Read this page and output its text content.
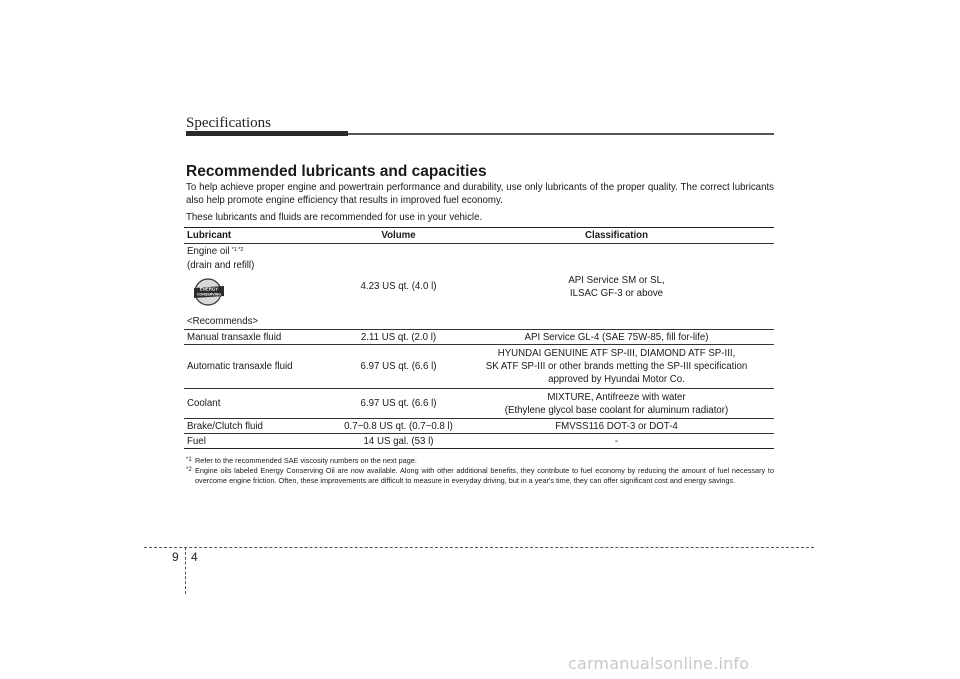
Specifications
Recommended lubricants and capacities

To help achieve proper engine and powertrain performance and durability, use only lubricants of the proper quality. The correct lubricants also help promote engine efficiency that results in improved fuel economy.

These lubricants and fluids are recommended for use in your vehicle.

Lubricant	Volume	Classification

Engine oil $^{*1 *2}$
(drain and refill)
ENERGY
CONSERVING
<Recommends>	4.23 US qt. (4.0 l)	API Service SM or SL,
ILSAC GF-3 or above

Manual transaxle fluid	2.11 US qt. (2.0 l)	API Service GL-4 (SAE 75W-85, fill for-life)
Automatic transaxle fluid	6.97 US qt. (6.6 l)	HYUNDAI GENUINE ATF SP-III, DIAMOND ATF SP-III,
SK ATF SP-III or other brands metting the SP-III specification
approved by Hyundai Motor Co.

Coolant	6.97 US qt. (6.6 l)	MIXTURE, Antifreeze with water
(Ethylene glycol base coolant for aluminum radiator)

Brake/Clutch fluid	0.7~0.8 US qt. (0.7~0.8 l)	FMVSS116 DOT-3 or DOT-4
Fuel	14 US gal. (53 l)	-

*1 Refer to the recommended SAE viscosity numbers on the next page.

*2 Engine oils labeled Energy Conserving Oil are now available. Along with other additional benefits, they contribute to fuel economy by reducing the amount of fuel necessary to overcome engine friction. Often, these improvements are difficult to measure in everyday driving, but in a year's time, they can offer significant cost and energy savings.

9 4
carmanualsonline.info
